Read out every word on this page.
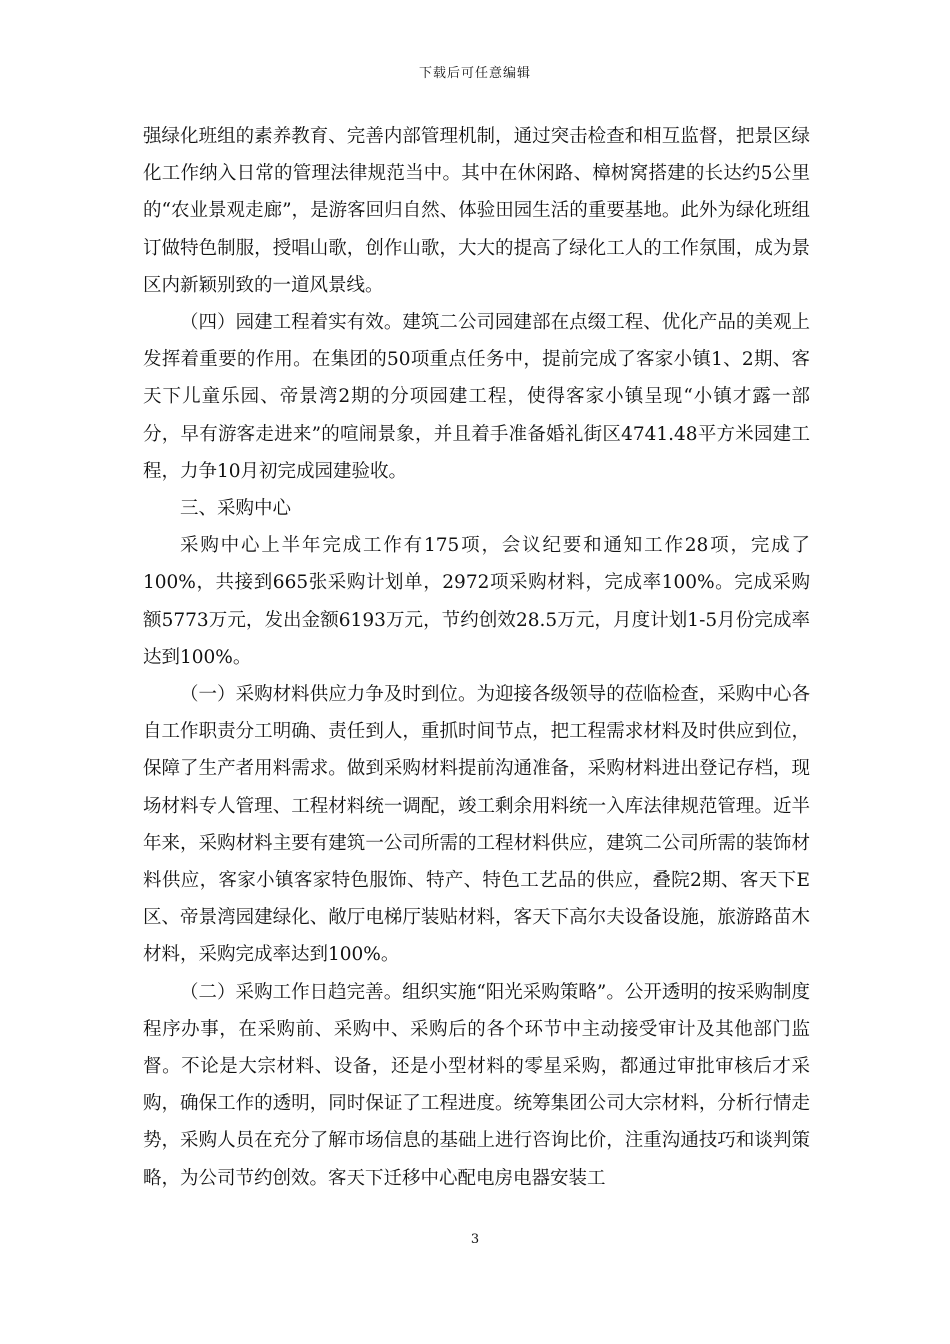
下载后可任意编辑

强绿化班组的素养教育、完善内部管理机制，通过突击检查和相互监督，把景区绿化工作纳入日常的管理法律规范当中。其中在休闲路、樟树窝搭建的长达约5公里的“农业景观走廊”，是游客回归自然、体验田园生活的重要基地。此外为绿化班组订做特色制服，授唱山歌，创作山歌，大大的提高了绿化工人的工作氛围，成为景区内新颖别致的一道风景线。

（四）园建工程着实有效。建筑二公司园建部在点缀工程、优化产品的美观上发挥着重要的作用。在集团的50项重点任务中，提前完成了客家小镇1、2期、客天下儿童乐园、帝景湾2期的分项园建工程，使得客家小镇呈现“小镇才露一部分，早有游客走进来”的喧闹景象，并且着手准备婚礼街区4741.48平方米园建工程，力争10月初完成园建验收。

三、采购中心

采购中心上半年完成工作有175项，会议纪要和通知工作28项，完成了100%，共接到665张采购计划单，2972项采购材料，完成率100%。完成采购额5773万元，发出金额6193万元，节约创效28.5万元，月度计划1-5月份完成率达到100%。

（一）采购材料供应力争及时到位。为迎接各级领导的莅临检查，采购中心各自工作职责分工明确、责任到人，重抓时间节点，把工程需求材料及时供应到位，保障了生产者用料需求。做到采购材料提前沟通准备，采购材料进出登记存档，现场材料专人管理、工程材料统一调配，竣工剩余用料统一入库法律规范管理。近半年来，采购材料主要有建筑一公司所需的工程材料供应，建筑二公司所需的装饰材料供应，客家小镇客家特色服饰、特产、特色工艺品的供应，叠院2期、客天下E区、帝景湾园建绿化、敞厅电梯厅装贴材料，客天下高尔夫设备设施，旅游路苗木材料，采购完成率达到100%。

（二）采购工作日趋完善。组织实施“阳光采购策略”。公开透明的按采购制度程序办事，在采购前、采购中、采购后的各个环节中主动接受审计及其他部门监督。不论是大宗材料、设备，还是小型材料的零星采购，都通过审批审核后才采购，确保工作的透明，同时保证了工程进度。统筹集团公司大宗材料，分析行情走势，采购人员在充分了解市场信息的基础上进行咨询比价，注重沟通技巧和谈判策略，为公司节约创效。客天下迁移中心配电房电器安装工

3
